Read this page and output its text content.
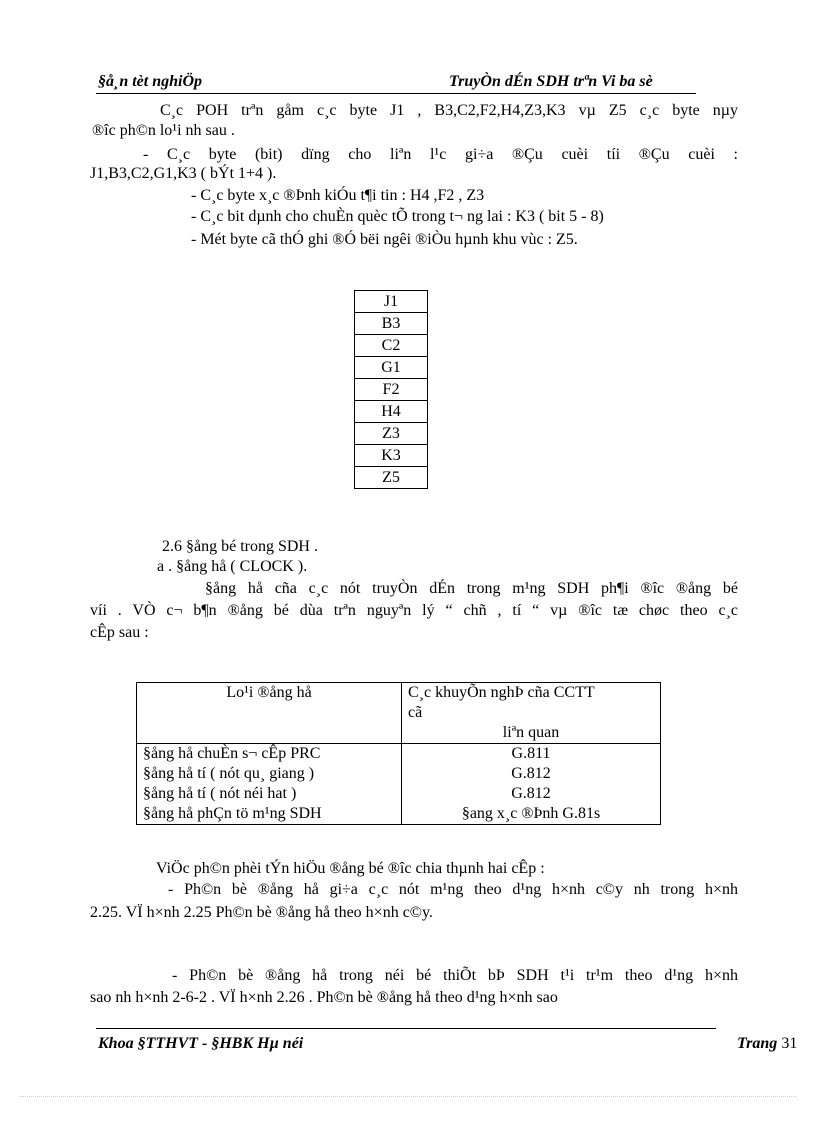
§å¸n tèt nghiÖp	TruyÒn dÉn SDH trªn Vi ba sè
C¸c POH trªn gåm c¸c byte J1 , B3,C2,F2,H4,Z3,K3 vµ Z5 c¸c byte nµy
®îc ph©n lo¹i nh sau .
- C¸c byte (bit) dïng cho liªn l¹c gi÷a ®Çu cuèi tíi ®Çu cuèi :
J1,B3,C2,G1,K3 ( bÝt 1+4 ).
- C¸c byte x¸c ®Þnh kiÓu t¶i tin : H4 ,F2 , Z3
- C¸c bit dµnh cho chuÈn quèc tÕ trong t¬ ng lai : K3 ( bit 5 - 8)
- Mét byte cã thÓ ghi ®Ó bëi ngêi ®iÒu hµnh khu vùc : Z5.
J1
B3
C2
G1
F2
H4
Z3
K3
Z5
2.6 §ång bé trong SDH .
a . §ång hå ( CLOCK ).
§ång hå cña c¸c nót truyÒn dÉn trong m¹ng SDH ph¶i ®îc ®ång bé
víi . VÒ c¬ b¶n ®ång bé dùa trªn nguyªn lý “ chñ , tí “ vµ ®îc tæ chøc theo c¸c
cÊp sau :
Lo¹i ®ång hå	C¸c khuyÕn nghÞ cña CCTT
cã
liªn quan

§ång hå chuÈn s¬ cÊp PRC	G.811
§ång hå tí ( nót qu¸ giang )	G.812
§ång hå tí ( nót néi hat )	G.812
§ång hå phÇn tö m¹ng SDH	§ang x¸c ®Þnh G.81s
ViÖc ph©n phèi tÝn hiÖu ®ång bé ®îc chia thµnh hai cÊp :
- Ph©n bè ®ång hå gi÷a c¸c nót m¹ng theo d¹ng h×nh c©y nh trong h×nh
2.25. VÏ h×nh 2.25 Ph©n bè ®ång hå theo h×nh c©y.
- Ph©n bè ®ång hå trong néi bé thiÕt bÞ SDH t¹i tr¹m theo d¹ng h×nh
sao nh h×nh 2-6-2 . VÏ h×nh 2.26 . Ph©n bè ®ång hå theo d¹ng h×nh sao
Khoa §TTHVT - §HBK Hµ néi	Trang 31
